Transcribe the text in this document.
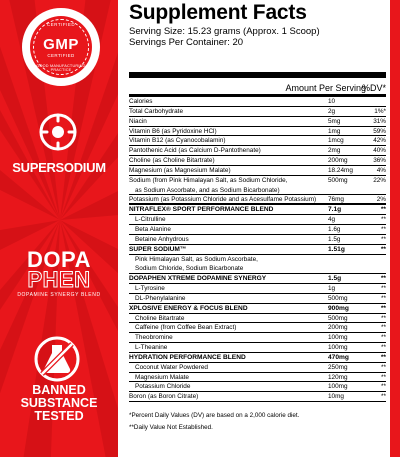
CERTIFIED
GMP
CERTIFIED
GOOD MANUFACTURING PRACTICE
SUPERSODIUM
DOPA
PHEN
DOPAMINE SYNERGY BLEND
BANNED
SUBSTANCE
TESTED
Supplement Facts
Serving Size: 15.23 grams (Approx. 1 Scoop)
Servings Per Container: 20
Amount Per Serving
%DV*
Calories	10
Total Carbohydrate	2g	1%*
Niacin	5mg	31%
Vitamin B6 (as Pyridoxine HCl)	1mg	59%
Vitamin B12 (as Cyanocobalamin)	1mcg	42%
Pantothenic Acid (as Calcium D-Pantothenate)	2mg	40%
Choline (as Choline Bitartrate)	200mg	36%
Magnesium (as Magnesium Malate)	18.24mg	4%
Sodium (from Pink Himalayan Salt, as Sodium Chloride,	500mg	22%
as Sodium Ascorbate, and as Sodium Bicarbonate)
Potassium (as Potassium Chloride and as Acesulfame Potassium) 76mg	2%
NITRAFLEX® SPORT PERFORMANCE BLEND	7.1g	**
L-Citrulline	4g	**
Beta Alanine	1.6g	**
Betaine Anhydrous	1.5g	**
SUPER SODIUM™	1.51g	**
Pink Himalayan Salt, as Sodium Ascorbate,
Sodium Chloride, Sodium Bicarbonate
DOPAPHEN XTREME DOPAMINE SYNERGY	1.5g	**
L-Tyrosine	1g	**
DL-Phenylalanine	500mg	**
XPLOSIVE ENERGY & FOCUS BLEND	900mg	**
Choline Bitartrate	500mg	**
Caffeine (from Coffee Bean Extract)	200mg	**
Theobromine	100mg	**
L-Theanine	100mg	**
HYDRATION PERFORMANCE BLEND	470mg	**
Coconut Water Powdered	250mg	**
Magnesium Malate	120mg	**
Potassium Chloride	100mg	**
Boron (as Boron Citrate)	10mg	**
*Percent Daily Values (DV) are based on a 2,000 calorie diet.
**Daily Value Not Established.
